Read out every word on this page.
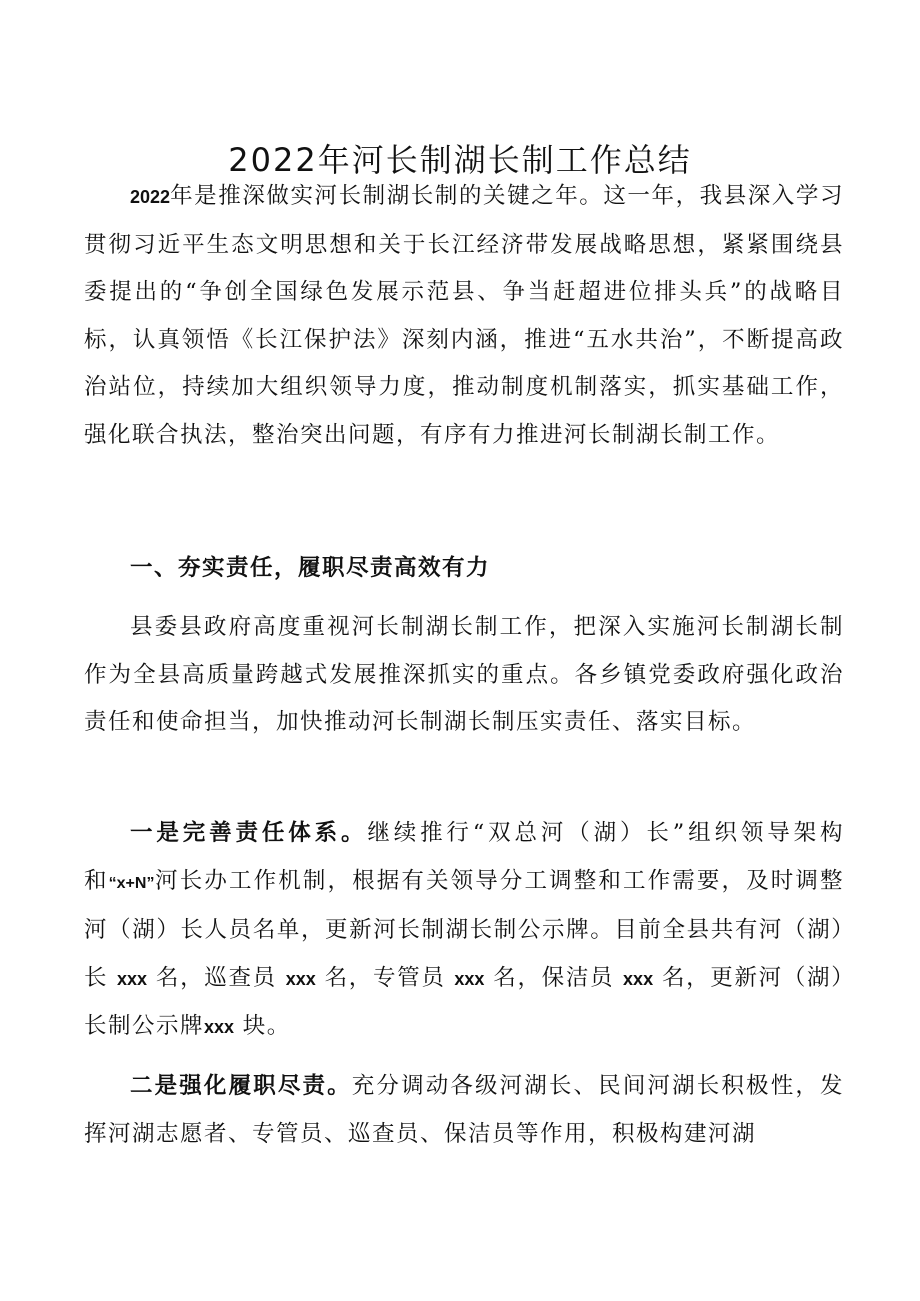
2022年河长制湖长制工作总结

2022年是推深做实河长制湖长制的关键之年。这一年，我县深入学习贯彻习近平生态文明思想和关于长江经济带发展战略思想，紧紧围绕县委提出的“争创全国绿色发展示范县、争当赶超进位排头兵”的战略目标，认真领悟《长江保护法》深刻内涵，推进“五水共治”，不断提高政治站位，持续加大组织领导力度，推动制度机制落实，抓实基础工作，强化联合执法，整治突出问题，有序有力推进河长制湖长制工作。

一、夯实责任，履职尽责高效有力

县委县政府高度重视河长制湖长制工作，把深入实施河长制湖长制作为全县高质量跨越式发展推深抓实的重点。各乡镇党委政府强化政治责任和使命担当，加快推动河长制湖长制压实责任、落实目标。

一是完善责任体系。继续推行“双总河（湖）长”组织领导架构和“x+N”河长办工作机制，根据有关领导分工调整和工作需要，及时调整河（湖）长人员名单，更新河长制湖长制公示牌。目前全县共有河（湖）长 xxx 名，巡查员 xxx 名，专管员 xxx 名，保洁员 xxx 名，更新河（湖）长制公示牌xxx 块。

二是强化履职尽责。充分调动各级河湖长、民间河湖长积极性，发挥河湖志愿者、专管员、巡查员、保洁员等作用，积极构建河湖
